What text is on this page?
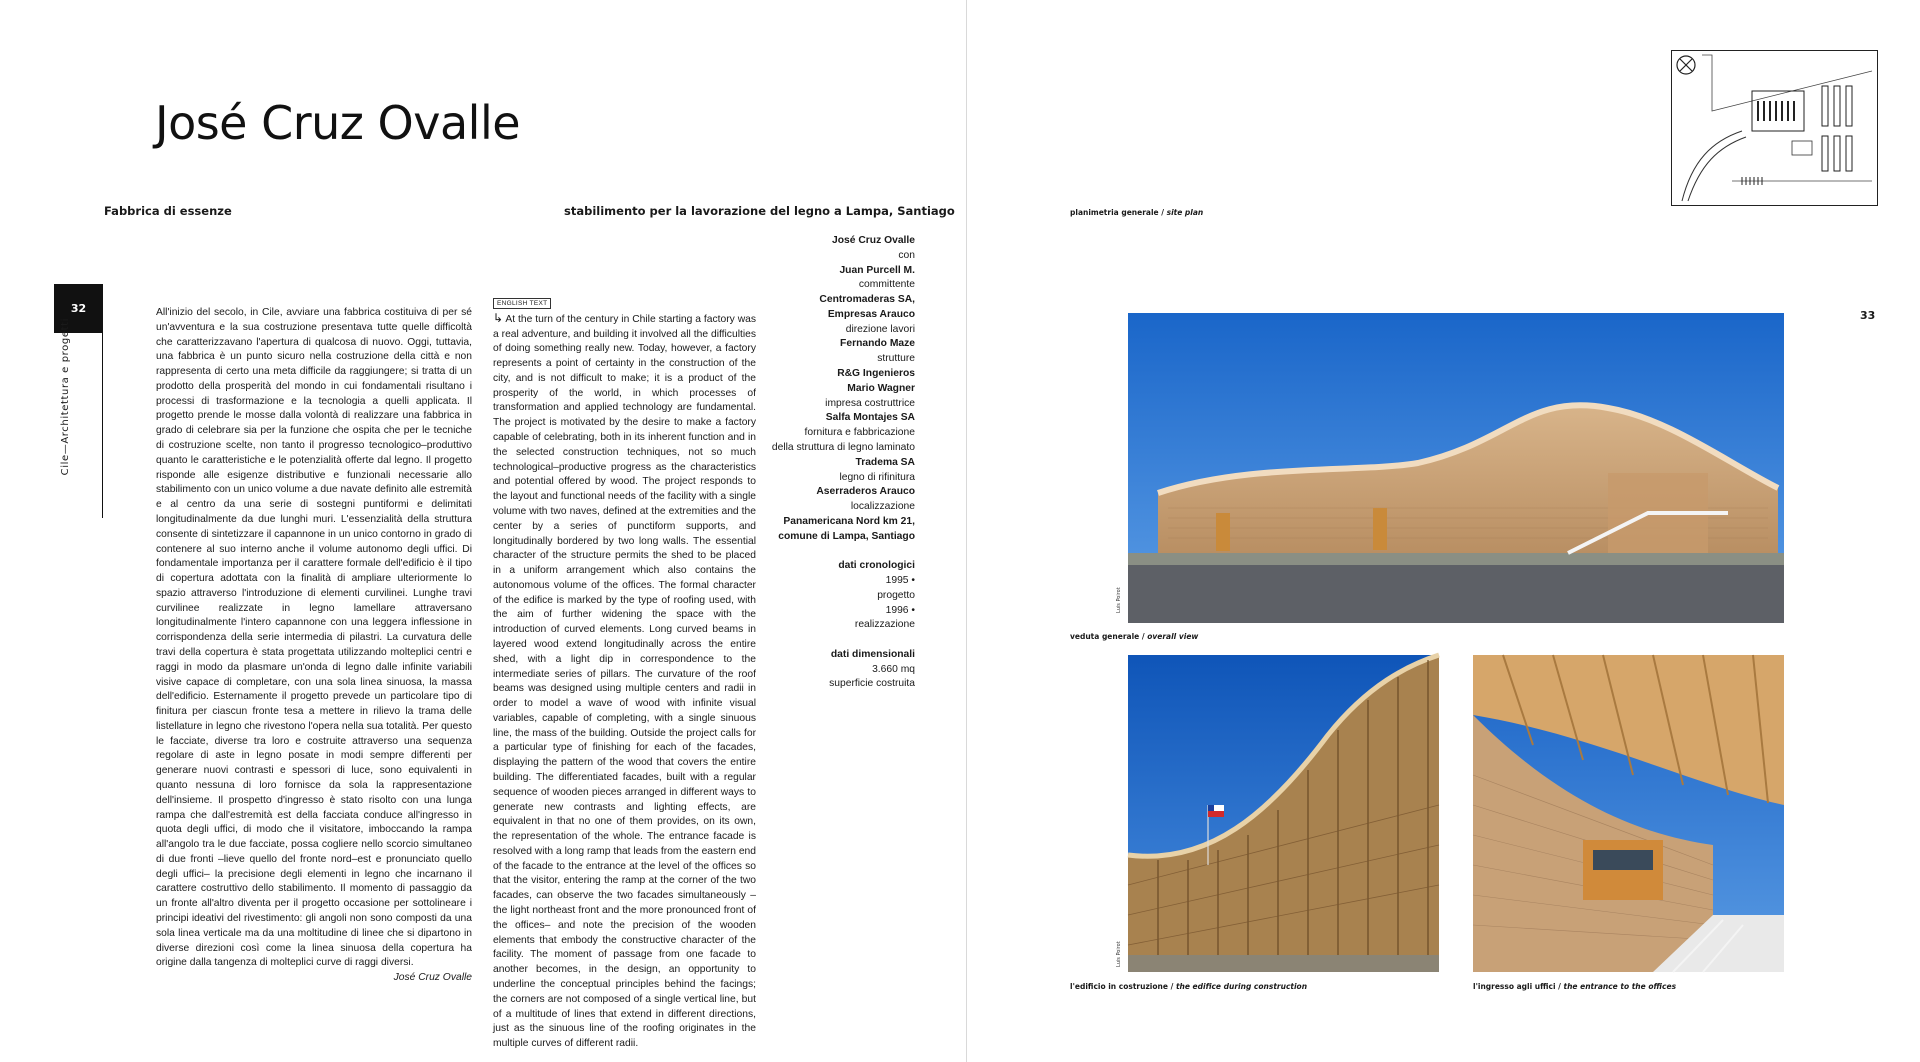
José Cruz Ovalle
Fabbrica di essenze	stabilimento per la lavorazione del legno a Lampa, Santiago
32
Cile—Architettura e progetti

All'inizio del secolo, in Cile, avviare una fabbrica costituiva di per sé un'avventura e la sua costruzione presentava tutte quelle difficoltà che caratterizzavano l'apertura di qualcosa di nuovo. Oggi, tuttavia, una fabbrica è un punto sicuro nella costruzione della città e non rappresenta di certo una meta difficile da raggiungere; si tratta di un prodotto della prosperità del mondo in cui fondamentali risultano i processi di trasformazione e la tecnologia a quelli applicata. Il progetto prende le mosse dalla volontà di realizzare una fabbrica in grado di celebrare sia per la funzione che ospita che per le tecniche di costruzione scelte, non tanto il progresso tecnologico–produttivo quanto le caratteristiche e le potenzialità offerte dal legno. Il progetto risponde alle esigenze distributive e funzionali necessarie allo stabilimento con un unico volume a due navate definito alle estremità e al centro da una serie di sostegni puntiformi e delimitati longitudinalmente da due lunghi muri. L'essenzialità della struttura consente di sintetizzare il capannone in un unico contorno in grado di contenere al suo interno anche il volume autonomo degli uffici. Di fondamentale importanza per il carattere formale dell'edificio è il tipo di copertura adottata con la finalità di ampliare ulteriormente lo spazio attraverso l'introduzione di elementi curvilinei. Lunghe travi curvilinee realizzate in legno lamellare attraversano longitudinalmente l'intero capannone con una leggera inflessione in corrispondenza della serie intermedia di pilastri. La curvatura delle travi della copertura è stata progettata utilizzando molteplici centri e raggi in modo da plasmare un'onda di legno dalle infinite variabili visive capace di completare, con una sola linea sinuosa, la massa dell'edificio. Esternamente il progetto prevede un particolare tipo di finitura per ciascun fronte tesa a mettere in rilievo la trama delle listellature in legno che rivestono l'opera nella sua totalità. Per questo le facciate, diverse tra loro e costruite attraverso una sequenza regolare di aste in legno posate in modi sempre differenti per generare nuovi contrasti e spessori di luce, sono equivalenti in quanto nessuna di loro fornisce da sola la rappresentazione dell'insieme. Il prospetto d'ingresso è stato risolto con una lunga rampa che dall'estremità est della facciata conduce all'ingresso in quota degli uffici, di modo che il visitatore, imboccando la rampa all'angolo tra le due facciate, possa cogliere nello scorcio simultaneo di due fronti –lieve quello del fronte nord–est e pronunciato quello degli uffici– la precisione degli elementi in legno che incarnano il carattere costruttivo dello stabilimento. Il momento di passaggio da un fronte all'altro diventa per il progetto occasione per sottolineare i principi ideativi del rivestimento: gli angoli non sono composti da una sola linea verticale ma da una moltitudine di linee che si dipartono in diverse direzioni così come la linea sinuosa della copertura ha origine dalla tangenza di molteplici curve di raggi diversi.

José Cruz Ovalle

ENGLISH TEXT

↳ At the turn of the century in Chile starting a factory was a real adventure, and building it involved all the difficulties of doing something really new. Today, however, a factory represents a point of certainty in the construction of the city, and is not difficult to make; it is a product of the prosperity of the world, in which processes of transformation and applied technology are fundamental. The project is motivated by the desire to make a factory capable of celebrating, both in its inherent function and in the selected construction techniques, not so much technological–productive progress as the characteristics and potential offered by wood. The project responds to the layout and functional needs of the facility with a single volume with two naves, defined at the extremities and the center by a series of punctiform supports, and longitudinally bordered by two long walls. The essential character of the structure permits the shed to be placed in a uniform arrangement which also contains the autonomous volume of the offices. The formal character of the edifice is marked by the type of roofing used, with the aim of further widening the space with the introduction of curved elements. Long curved beams in layered wood extend longitudinally across the entire shed, with a light dip in correspondence to the intermediate series of pillars. The curvature of the roof beams was designed using multiple centers and radii in order to model a wave of wood with infinite visual variables, capable of completing, with a single sinuous line, the mass of the building. Outside the project calls for a particular type of finishing for each of the facades, displaying the pattern of the wood that covers the entire building. The differentiated facades, built with a regular sequence of wooden pieces arranged in different ways to generate new contrasts and lighting effects, are equivalent in that no one of them provides, on its own, the representation of the whole. The entrance facade is resolved with a long ramp that leads from the eastern end of the facade to the entrance at the level of the offices so that the visitor, entering the ramp at the corner of the two facades, can observe the two facades simultaneously –the light northeast front and the more pronounced front of the offices– and note the precision of the wooden elements that embody the constructive character of the facility. The moment of passage from one facade to another becomes, in the design, an opportunity to underline the conceptual principles behind the facings; the corners are not composed of a single vertical line, but of a multitude of lines that extend in different directions, just as the sinuous line of the roofing originates in the multiple curves of different radii.

José Cruz Ovalle
con
Juan Purcell M.
committente
Centromaderas SA,
Empresas Arauco
direzione lavori
Fernando Maze
strutture
R&G Ingenieros
Mario Wagner
impresa costruttrice
Salfa Montajes SA
fornitura e fabbricazione
della struttura di legno laminato
Tradema SA
legno di rifinitura
Aserraderos Arauco
localizzazione
Panamericana Nord km 21,
comune di Lampa, Santiago
dati cronologici
1995 •
progetto
1996 •
realizzazione
dati dimensionali
3.660 mq
superficie costruita
33
planimetria generale / site plan
Luis Poirot
veduta generale / overall view
Luis Poirot
l'edificio in costruzione / the edifice during construction	l'ingresso agli uffici / the entrance to the offices
